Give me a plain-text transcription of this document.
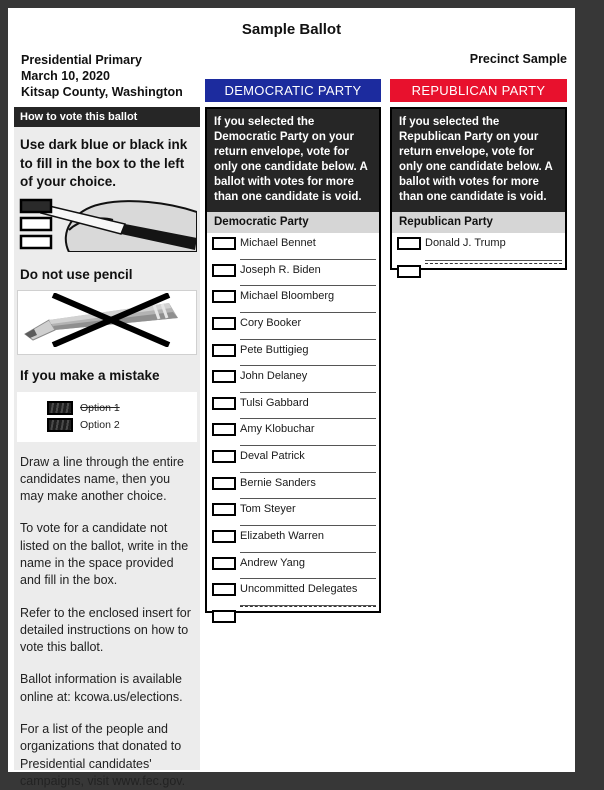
Sample Ballot
Presidential Primary
March 10, 2020
Kitsap County, Washington
Precinct Sample
DEMOCRATIC PARTY	REPUBLICAN PARTY
How to vote this ballot
Use dark blue or black ink to fill in the box to the left of your choice.
Do not use pencil
If you make a mistake
Option 1
Option 2

Draw a line through the entire candidates name, then you may make another choice.

To vote for a candidate not listed on the ballot, write in the name in the space provided and fill in the box.

Refer to the enclosed insert for detailed instructions on how to vote this ballot.

Ballot information is available online at: kcowa.us/elections.

For a list of the people and organizations that donated to Presidential candidates' campaigns, visit www.fec.gov.

If you selected the Democratic Party on your return envelope, vote for only one candidate below. A ballot with votes for more than one candidate is void.
Democratic Party
Michael Bennet
Joseph R. Biden
Michael Bloomberg
Cory Booker
Pete Buttigieg
John Delaney
Tulsi Gabbard
Amy Klobuchar
Deval Patrick
Bernie Sanders
Tom Steyer
Elizabeth Warren
Andrew Yang
Uncommitted Delegates
If you selected the Republican Party on your return envelope, vote for only one candidate below. A ballot with votes for more than one candidate is void.
Republican Party
Donald J. Trump
